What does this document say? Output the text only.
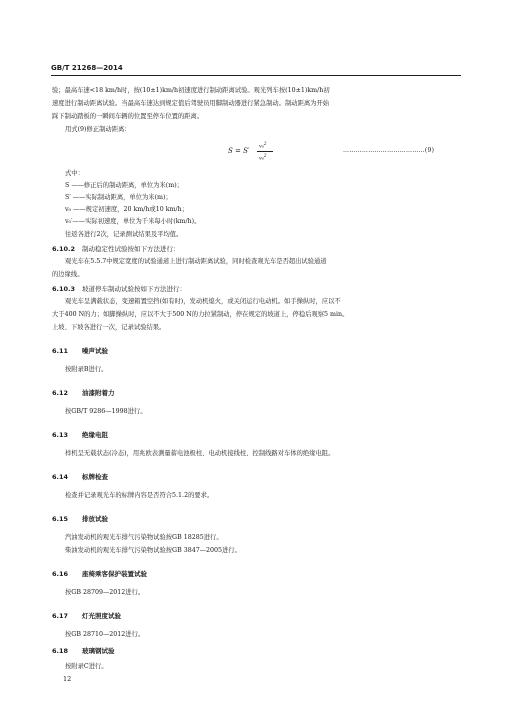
GB/T 21268—2014
验；最高车速<18 km/h时，按(10±1)km/h初速度进行制动距离试验。观光列车按(10±1)km/h初
速度进行制动距离试验。当最高车速达到规定值后驾驶员用脚制动器进行紧急制动。制动距离为开始
踩下制动踏板的一瞬间车辆的位置至停车位置的距离。
用式(9)修正制动距离：
S = S′
v₀$^2$
v₀$^2$
…………………………………(9)
式中：
S ——修正后的制动距离，单位为米(m)；
S′ ——实际制动距离，单位为米(m)；
v₀ ——规定初速度，20 km/h或10 km/h；
v₀′——实际初速度，单位为千米每小时(km/h)。
往返各进行2次，记录测试结果及平均值。
6.10.2 制动稳定性试验按如下方法进行：
观光车在5.5.7中规定宽度的试验通道上进行制动距离试验，同时检查观光车是否超出试验通道
的边缘线。
6.10.3 坡道停车制动试验按如下方法进行：
观光车呈满载状态，变速箱置空挡(如有时)，发动机熄火，或关闭运行电动机。如手操纵时，应以不
大于400 N的力；如脚操纵时，应以不大于500 N的力拉紧制动，停在规定的坡道上，停稳后观察5 min。
上坡、下坡各进行一次，记录试验结果。
6.11 噪声试验
按附录B进行。
6.12 油漆附着力
按GB/T 9286—1998进行。
6.13 绝缘电阻
样机呈无载状态(冷态)，用兆欧表测量蓄电池极柱、电动机接线柱、控制线路对车体的绝缘电阻。
6.14 标牌检查
检查并记录观光车的标牌内容是否符合5.1.2的要求。
6.15 排放试验
汽油发动机的观光车排气污染物试验按GB 18285进行。
柴油发动机的观光车排气污染物试验按GB 3847—2005进行。
6.16 座椅乘客保护装置试验
按GB 28709—2012进行。
6.17 灯光照度试验
按GB 28710—2012进行。
6.18 玻璃钢试验
按附录C进行。
12
